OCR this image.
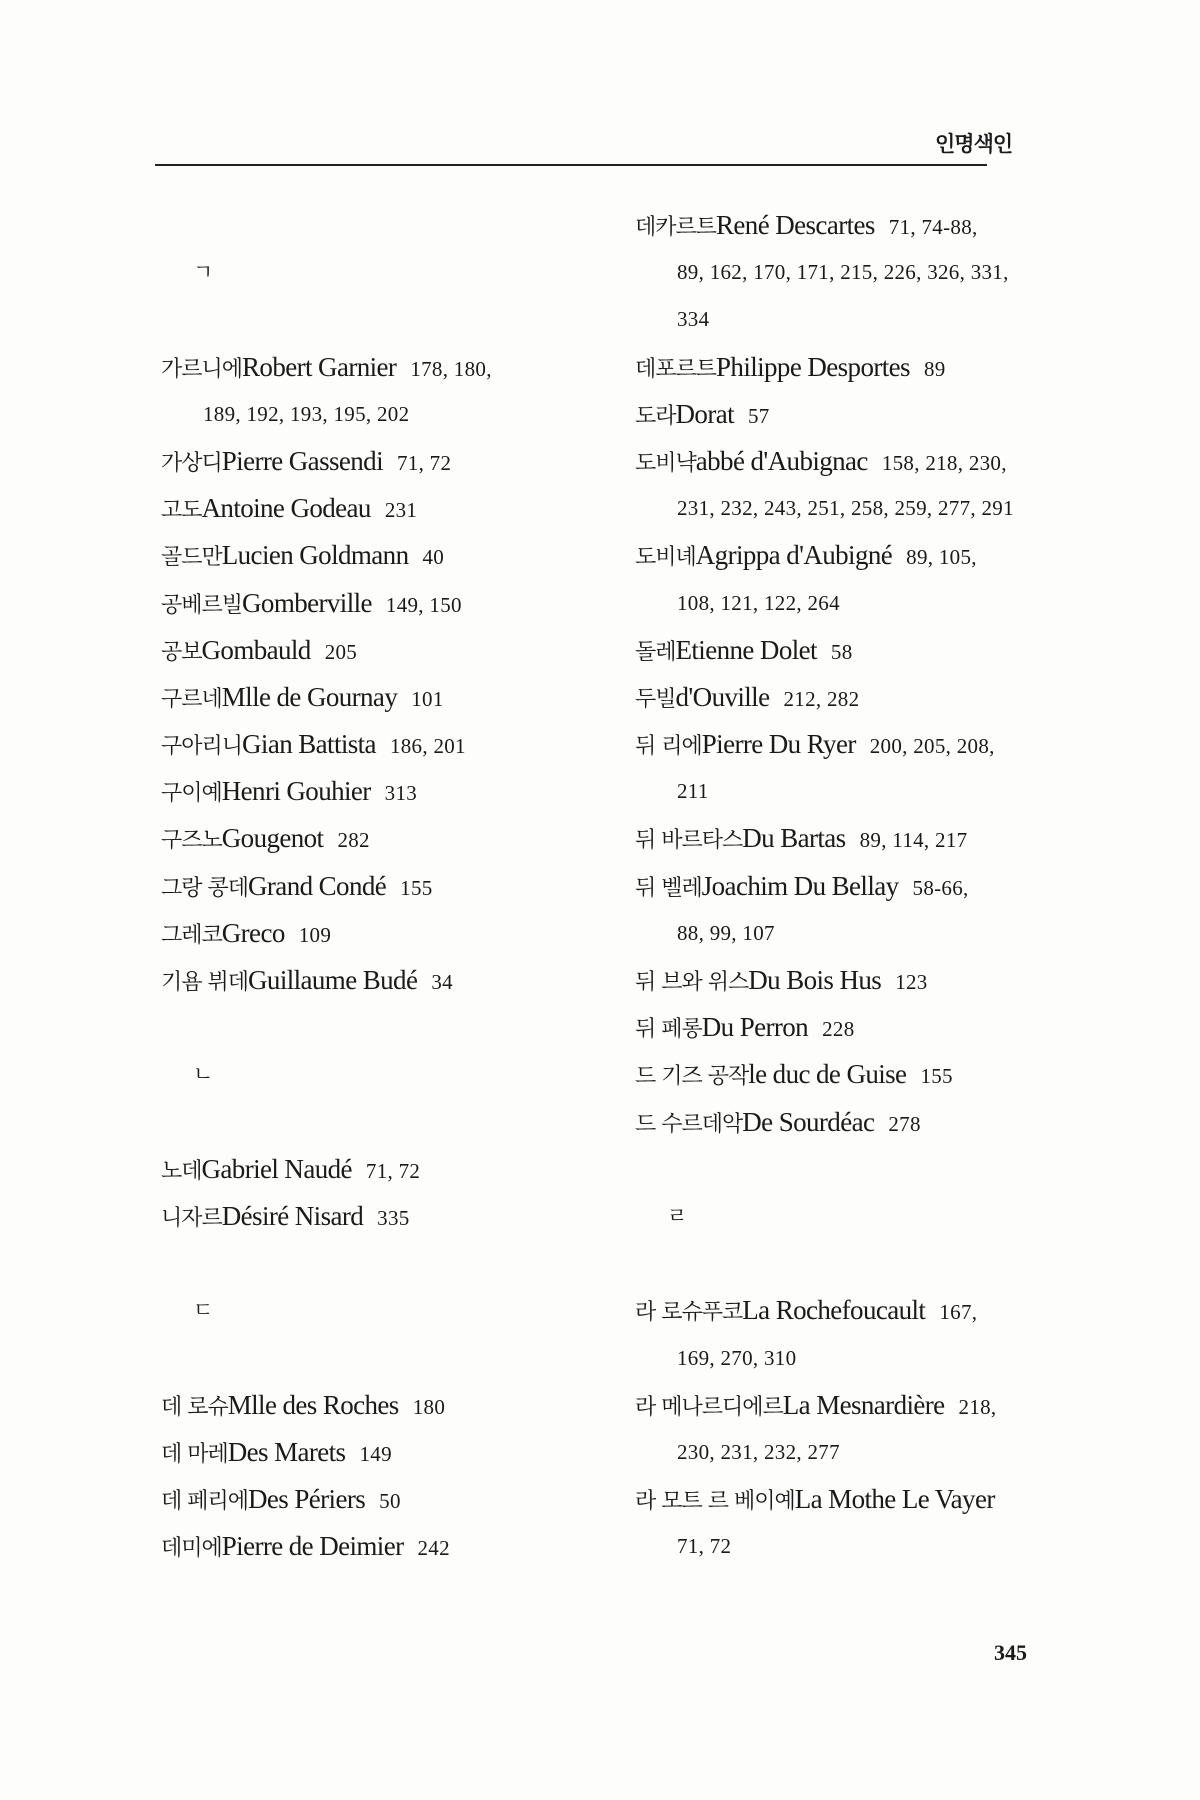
인명색인
ㄱ
가르니에Robert Garnier 178, 180,
189, 192, 193, 195, 202
가상디Pierre Gassendi 71, 72
고도Antoine Godeau 231
골드만Lucien Goldmann 40
공베르빌Gomberville 149, 150
공보Gombauld 205
구르네Mlle de Gournay 101
구아리니Gian Battista 186, 201
구이예Henri Gouhier 313
구즈노Gougenot 282
그랑 콩데Grand Condé 155
그레코Greco 109
기욤 뷔데Guillaume Budé 34
ㄴ
노데Gabriel Naudé 71, 72
니자르Désiré Nisard 335
ㄷ
데 로슈Mlle des Roches 180
데 마레Des Marets 149
데 페리에Des Périers 50
데미에Pierre de Deimier 242
데카르트René Descartes 71, 74-88,
89, 162, 170, 171, 215, 226, 326, 331,
334
데포르트Philippe Desportes 89
도라Dorat 57
도비냑abbé d'Aubignac 158, 218, 230,
231, 232, 243, 251, 258, 259, 277, 291
도비녜Agrippa d'Aubigné 89, 105,
108, 121, 122, 264
돌레Etienne Dolet 58
두빌d'Ouville 212, 282
뒤 리에Pierre Du Ryer 200, 205, 208,
211
뒤 바르타스Du Bartas 89, 114, 217
뒤 벨레Joachim Du Bellay 58-66,
88, 99, 107
뒤 브와 위스Du Bois Hus 123
뒤 페롱Du Perron 228
드 기즈 공작le duc de Guise 155
드 수르데악De Sourdéac 278
ㄹ
라 로슈푸코La Rochefoucault 167,
169, 270, 310
라 메나르디에르La Mesnardière 218,
230, 231, 232, 277
라 모트 르 베이예La Mothe Le Vayer
71, 72
345
